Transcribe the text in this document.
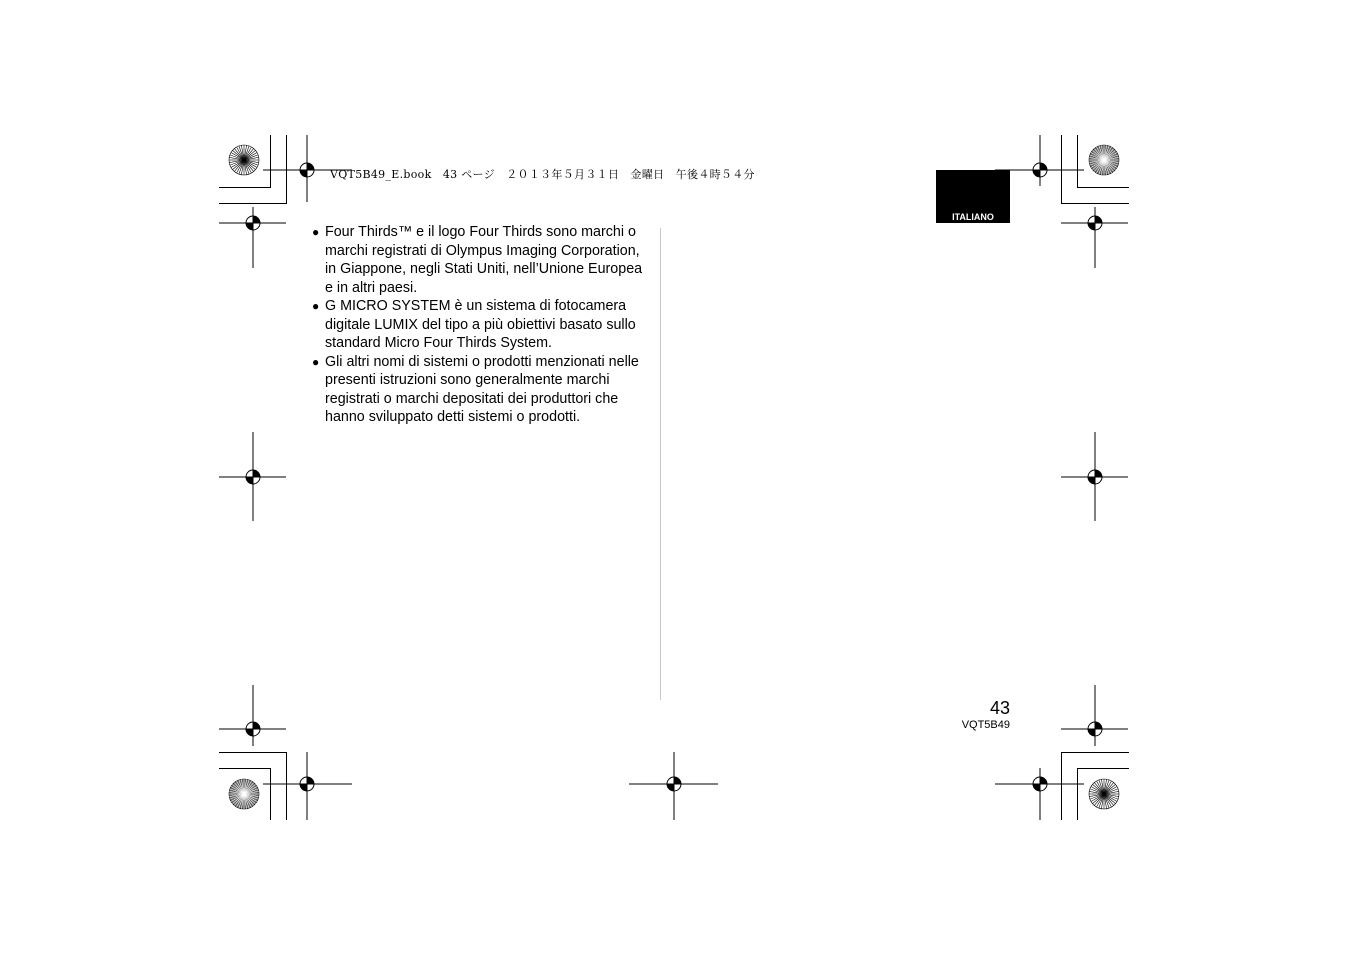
VQT5B49_E.book　43 ページ　２０１３年５月３１日　金曜日　午後４時５４分
ITALIANO
● Four Thirds™ e il logo Four Thirds sono marchi o marchi registrati di Olympus Imaging Corporation, in Giappone, negli Stati Uniti, nell’Unione Europea e in altri paesi.
● G MICRO SYSTEM è un sistema di fotocamera digitale LUMIX del tipo a più obiettivi basato sullo standard Micro Four Thirds System.
● Gli altri nomi di sistemi o prodotti menzionati nelle presenti istruzioni sono generalmente marchi registrati o marchi depositati dei produttori che hanno sviluppato detti sistemi o prodotti.
43
VQT5B49
